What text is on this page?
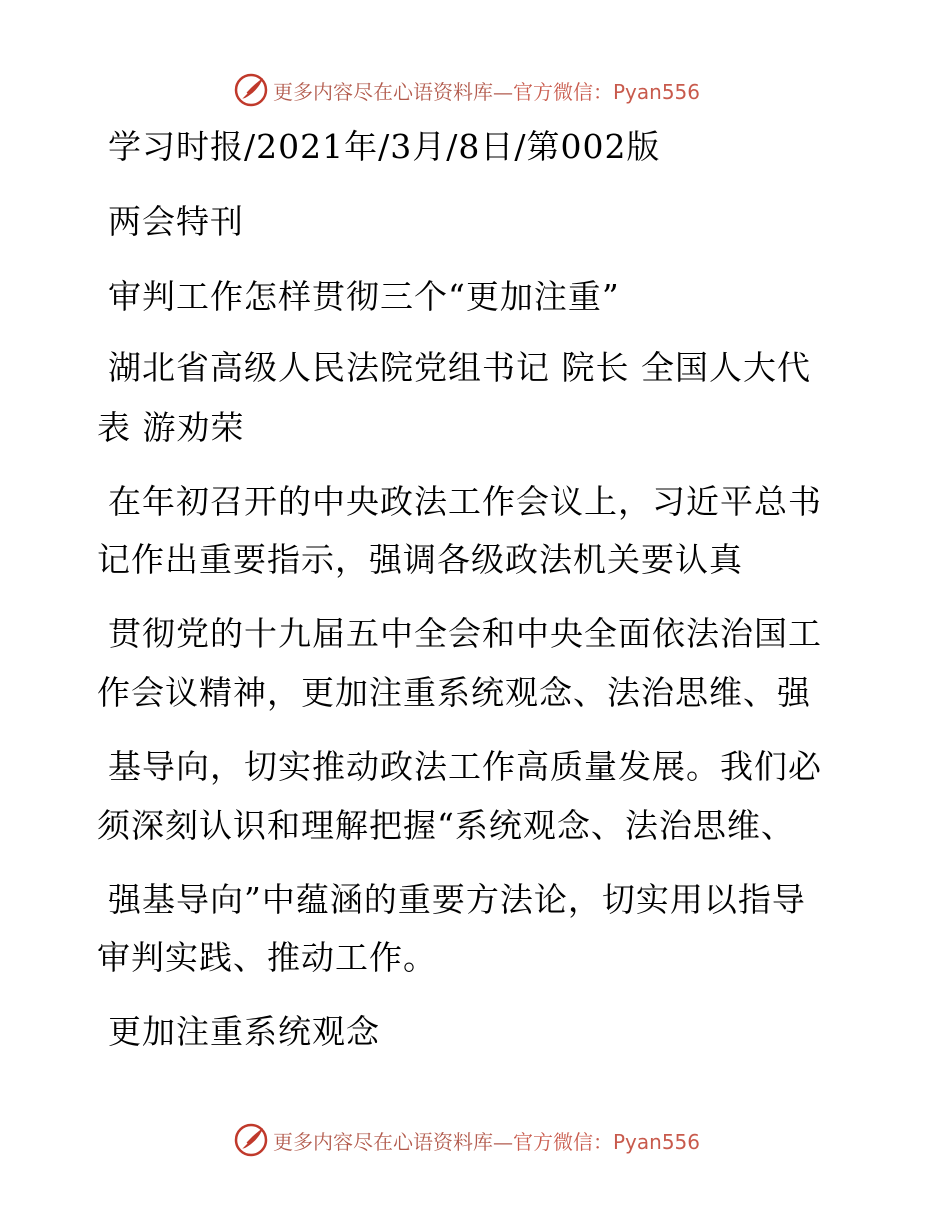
更多内容尽在心语资料库— 官方微信：Pyan556
学习时报/2021年/3月/8日/第002版
两会特刊
审判工作怎样贯彻三个“更加注重”
湖北省高级人民法院党组书记 院长 全国人大代
表 游劝荣
在年初召开的中央政法工作会议上，习近平总书
记作出重要指示，强调各级政法机关要认真
贯彻党的十九届五中全会和中央全面依法治国工
作会议精神，更加注重系统观念、法治思维、强
基导向，切实推动政法工作高质量发展。我们必
须深刻认识和理解把握“系统观念、法治思维、
强基导向”中蕴涵的重要方法论，切实用以指导
审判实践、推动工作。
更加注重系统观念
更多内容尽在心语资料库— 官方微信：Pyan556
